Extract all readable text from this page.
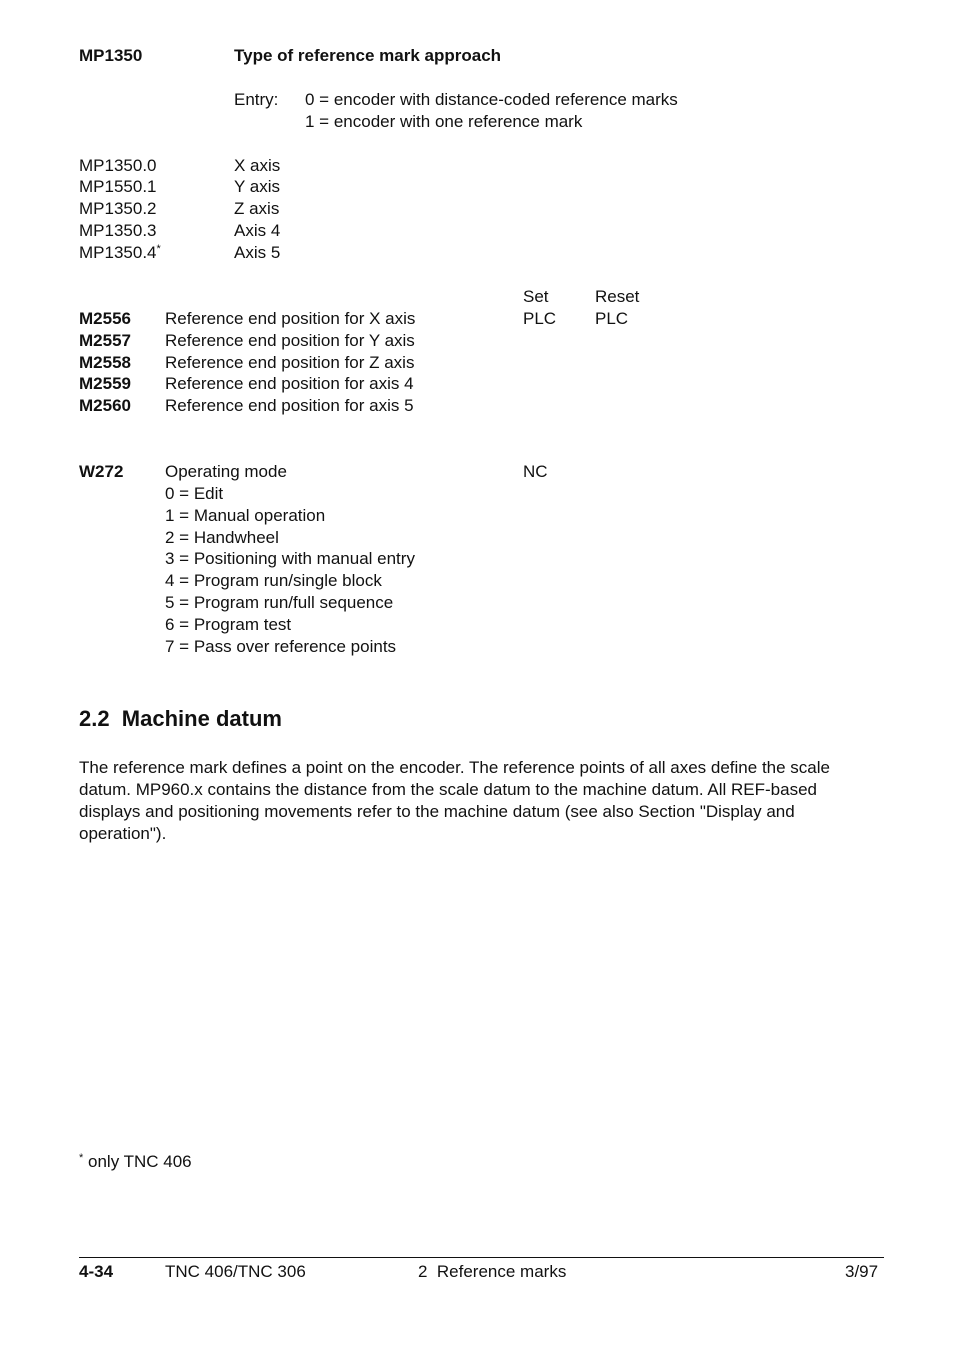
MP1350	Type of reference mark approach
Entry: 0 = encoder with distance-coded reference marks
1 = encoder with one reference mark
MP1350.0	X axis
MP1550.1	Y axis
MP1350.2	Z axis
MP1350.3	Axis 4
MP1350.4*	Axis 5
Set	Reset
M2556 Reference end position for X axis	PLC PLC
M2557 Reference end position for Y axis
M2558 Reference end position for Z axis
M2559 Reference end position for axis 4
M2560 Reference end position for axis 5
W272 Operating mode	NC
0 = Edit
1 = Manual operation
2 = Handwheel
3 = Positioning with manual entry
4 = Program run/single block
5 = Program run/full sequence
6 = Program test
7 = Pass over reference points
2.2  Machine datum
The reference mark defines a point on the encoder. The reference points of all axes define the scale datum. MP960.x contains the distance from the scale datum to the machine datum. All REF-based displays and positioning movements refer to the machine datum (see also Section "Display and operation").
* only TNC 406
4-34	TNC 406/TNC 306	2  Reference marks	3/97
